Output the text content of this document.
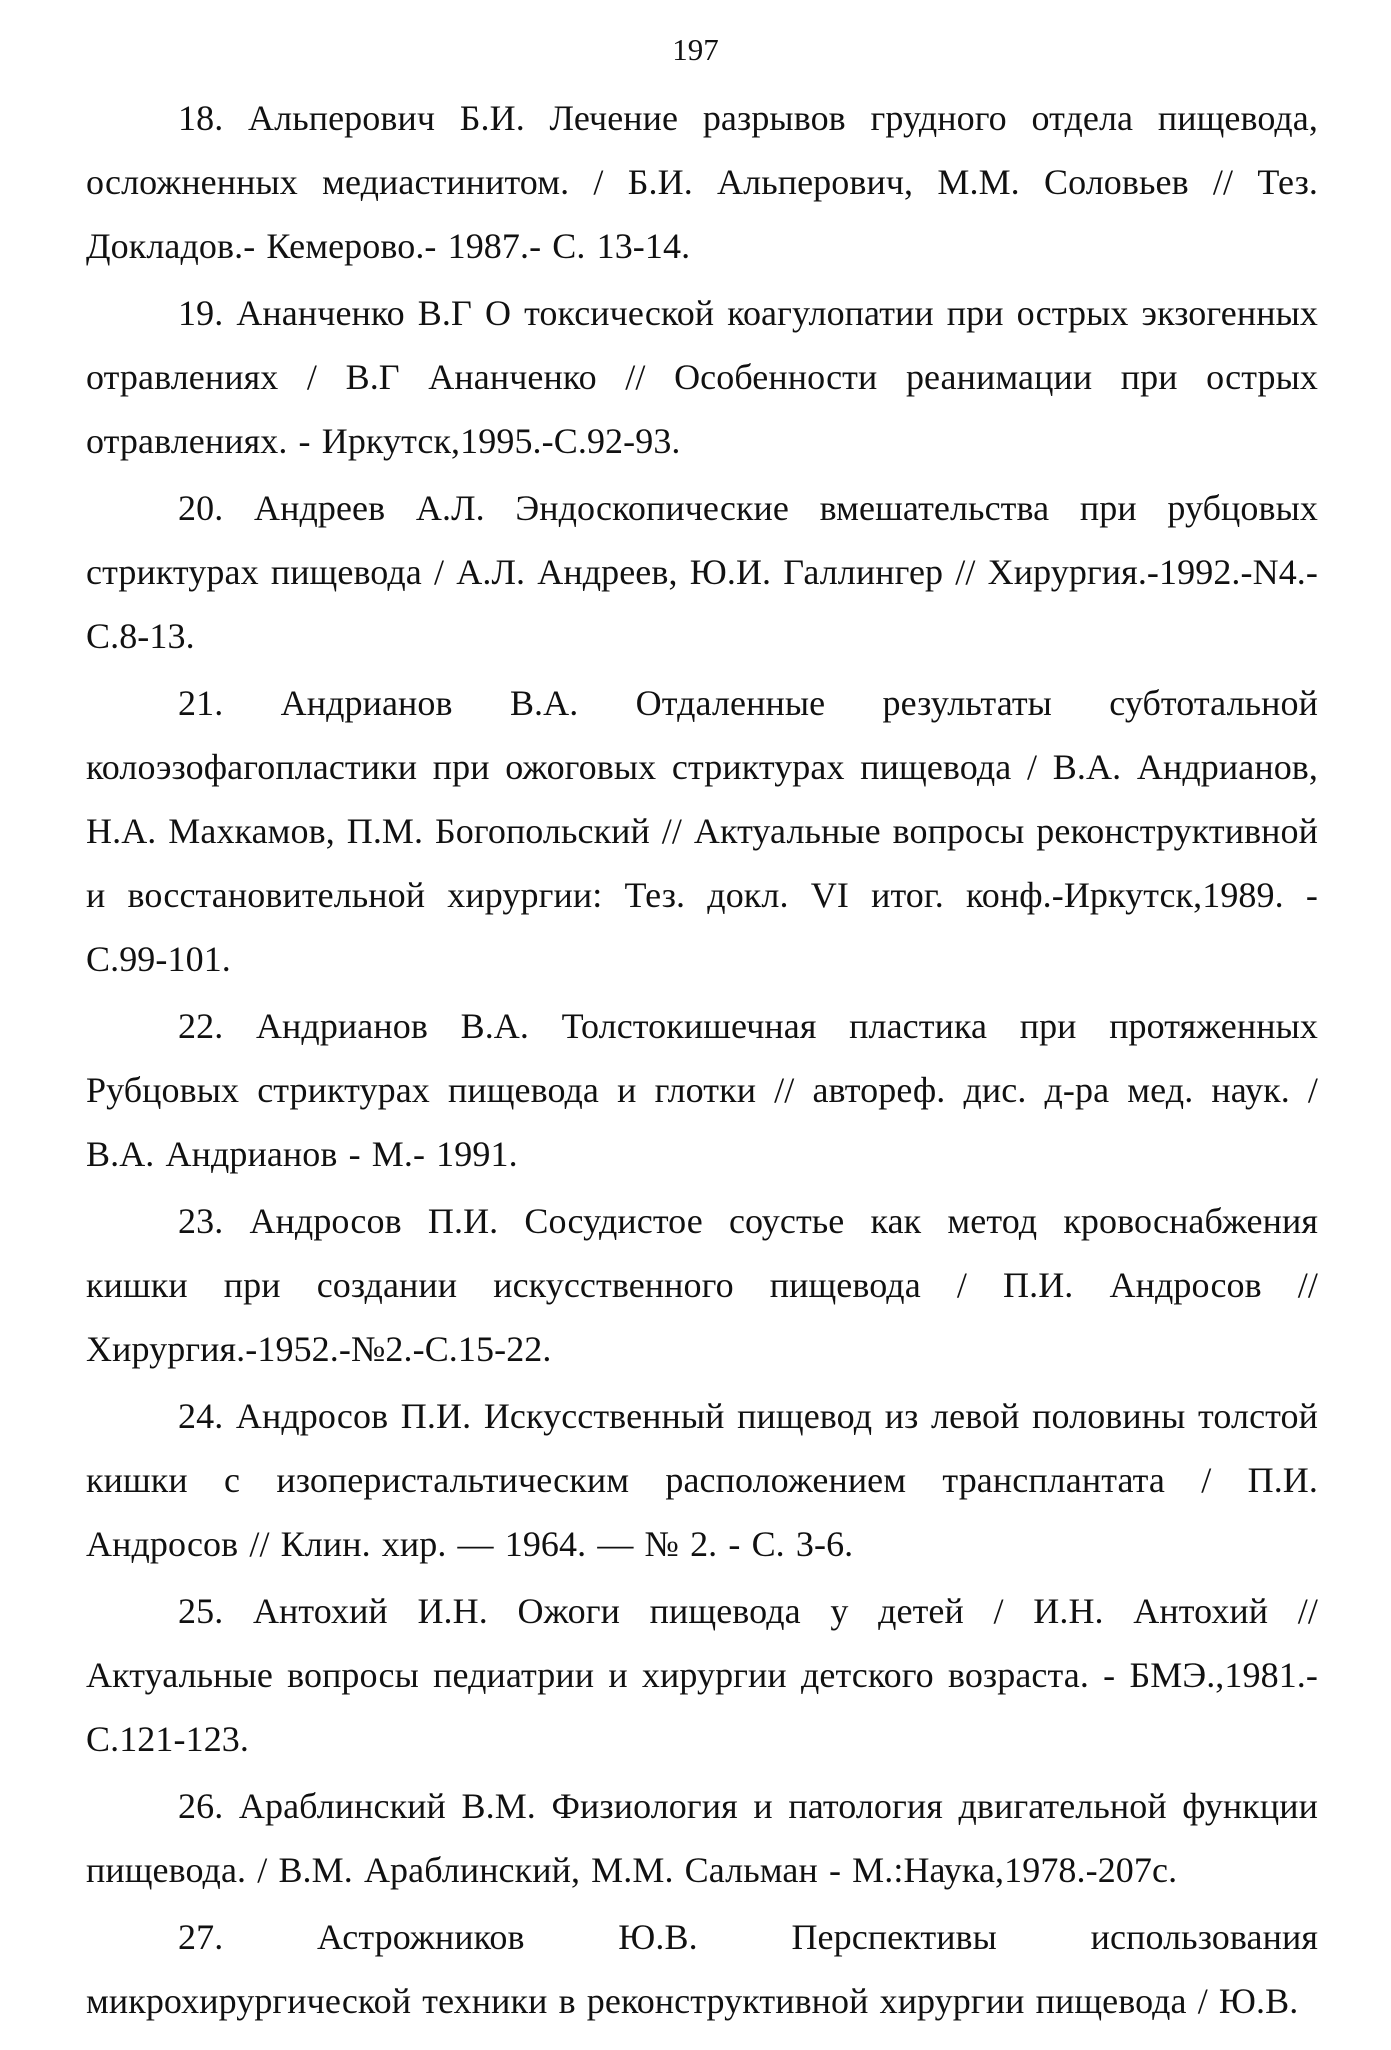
197

18. Альперович Б.И. Лечение разрывов грудного отдела пищевода, осложненных медиастинитом. / Б.И. Альперович, М.М. Соловьев // Тез. Докладов.- Кемерово.- 1987.- С. 13-14.

19. Ананченко В.Г О токсической коагулопатии при острых экзогенных отравлениях / В.Г Ананченко // Особенности реанимации при острых отравлениях. - Иркутск,1995.-С.92-93.

20. Андреев А.Л. Эндоскопические вмешательства при рубцовых стриктурах пищевода / А.Л. Андреев, Ю.И. Галлингер // Хирургия.-1992.-N4.-С.8-13.

21. Андрианов В.А. Отдаленные результаты субтотальной колоэзофагопластики при ожоговых стриктурах пищевода / В.А. Андрианов, Н.А. Махкамов, П.М. Богопольский // Актуальные вопросы реконструктивной и восстановительной хирургии: Тез. докл. VI итог. конф.-Иркутск,1989. - С.99-101.

22. Андрианов В.А. Толстокишечная пластика при протяженных Рубцовых стриктурах пищевода и глотки // автореф. дис. д-ра мед. наук. / В.А. Андрианов - М.- 1991.

23. Андросов П.И. Сосудистое соустье как метод кровоснабжения кишки при создании искусственного пищевода / П.И. Андросов // Хирургия.-1952.-№2.-С.15-22.

24. Андросов П.И. Искусственный пищевод из левой половины толстой кишки с изоперистальтическим расположением трансплантата / П.И. Андросов // Клин. хир. — 1964. — № 2. - С. 3-6.

25. Антохий И.Н. Ожоги пищевода у детей / И.Н. Антохий // Актуальные вопросы педиатрии и хирургии детского возраста. - БМЭ.,1981.-С.121-123.

26. Араблинский В.М. Физиология и патология двигательной функции пищевода. / В.М. Араблинский, М.М. Сальман - М.:Наука,1978.-207с.

27. Астрожников Ю.В. Перспективы использования микрохирургической техники в реконструктивной хирургии пищевода / Ю.В.
